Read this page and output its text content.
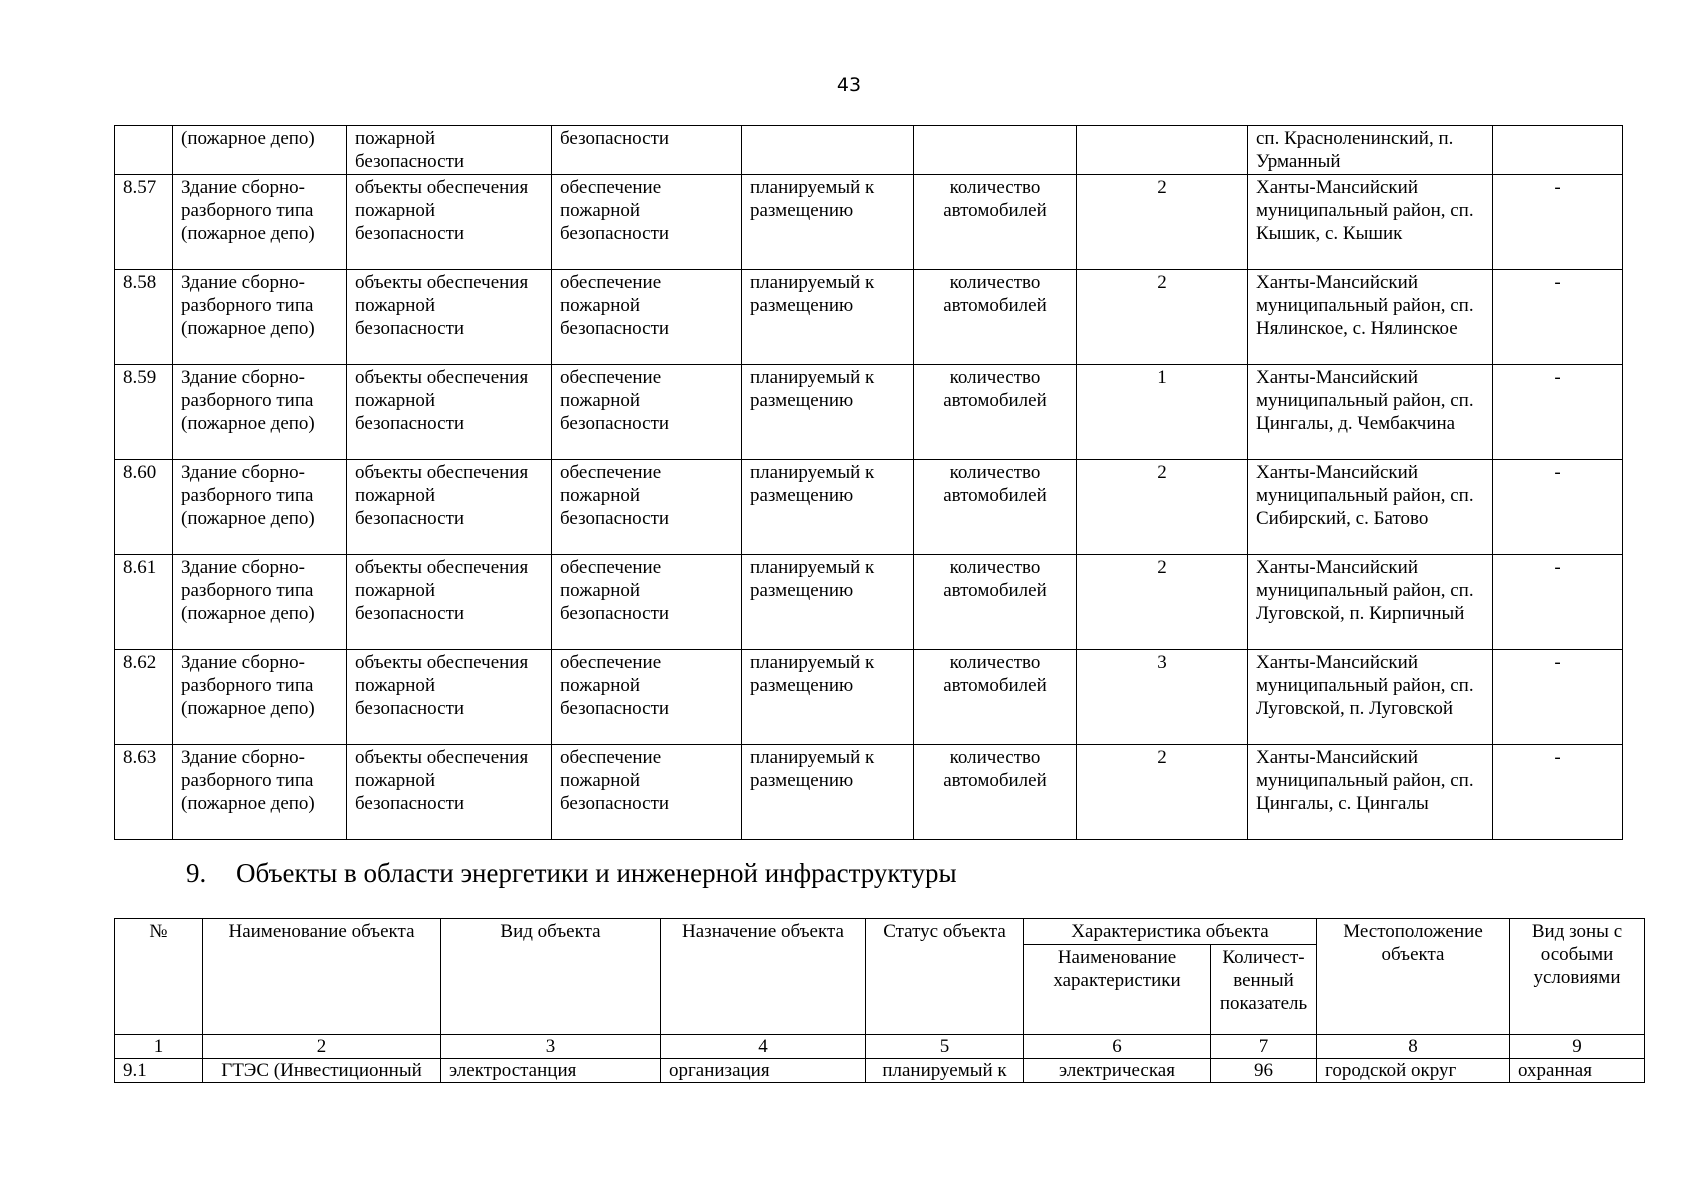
43
	(пожарное депо)	пожарной безопасности	безопасности				сп. Красноленинский, п. Урманный	
8.57	Здание сборно-разборного типа (пожарное депо)	объекты обеспечения пожарной безопасности	обеспечение пожарной безопасности	планируемый к размещению	количество автомобилей	2	Ханты-Мансийский муниципальный район, сп. Кышик, с. Кышик	-
8.58	Здание сборно-разборного типа (пожарное депо)	объекты обеспечения пожарной безопасности	обеспечение пожарной безопасности	планируемый к размещению	количество автомобилей	2	Ханты-Мансийский муниципальный район, сп. Нялинское, с. Нялинское	-
8.59	Здание сборно-разборного типа (пожарное депо)	объекты обеспечения пожарной безопасности	обеспечение пожарной безопасности	планируемый к размещению	количество автомобилей	1	Ханты-Мансийский муниципальный район, сп. Цингалы, д. Чембакчина	-
8.60	Здание сборно-разборного типа (пожарное депо)	объекты обеспечения пожарной безопасности	обеспечение пожарной безопасности	планируемый к размещению	количество автомобилей	2	Ханты-Мансийский муниципальный район, сп. Сибирский, с. Батово	-
8.61	Здание сборно-разборного типа (пожарное депо)	объекты обеспечения пожарной безопасности	обеспечение пожарной безопасности	планируемый к размещению	количество автомобилей	2	Ханты-Мансийский муниципальный район, сп. Луговской, п. Кирпичный	-
8.62	Здание сборно-разборного типа (пожарное депо)	объекты обеспечения пожарной безопасности	обеспечение пожарной безопасности	планируемый к размещению	количество автомобилей	3	Ханты-Мансийский муниципальный район, сп. Луговской, п. Луговской	-
8.63	Здание сборно-разборного типа (пожарное депо)	объекты обеспечения пожарной безопасности	обеспечение пожарной безопасности	планируемый к размещению	количество автомобилей	2	Ханты-Мансийский муниципальный район, сп. Цингалы, с. Цингалы	-
9. Объекты в области энергетики и инженерной инфраструктуры
№	Наименование объекта	Вид объекта	Назначение объекта	Статус объекта	Характеристика объекта		Местоположение объекта	Вид зоны с особыми условиями
					Наименование характеристики	Количест-венный показатель		
1	2	3	4	5	6	7	8	9
9.1	ГТЭС (Инвестиционный	электростанция	организация	планируемый к	электрическая	96	городской округ	охранная
